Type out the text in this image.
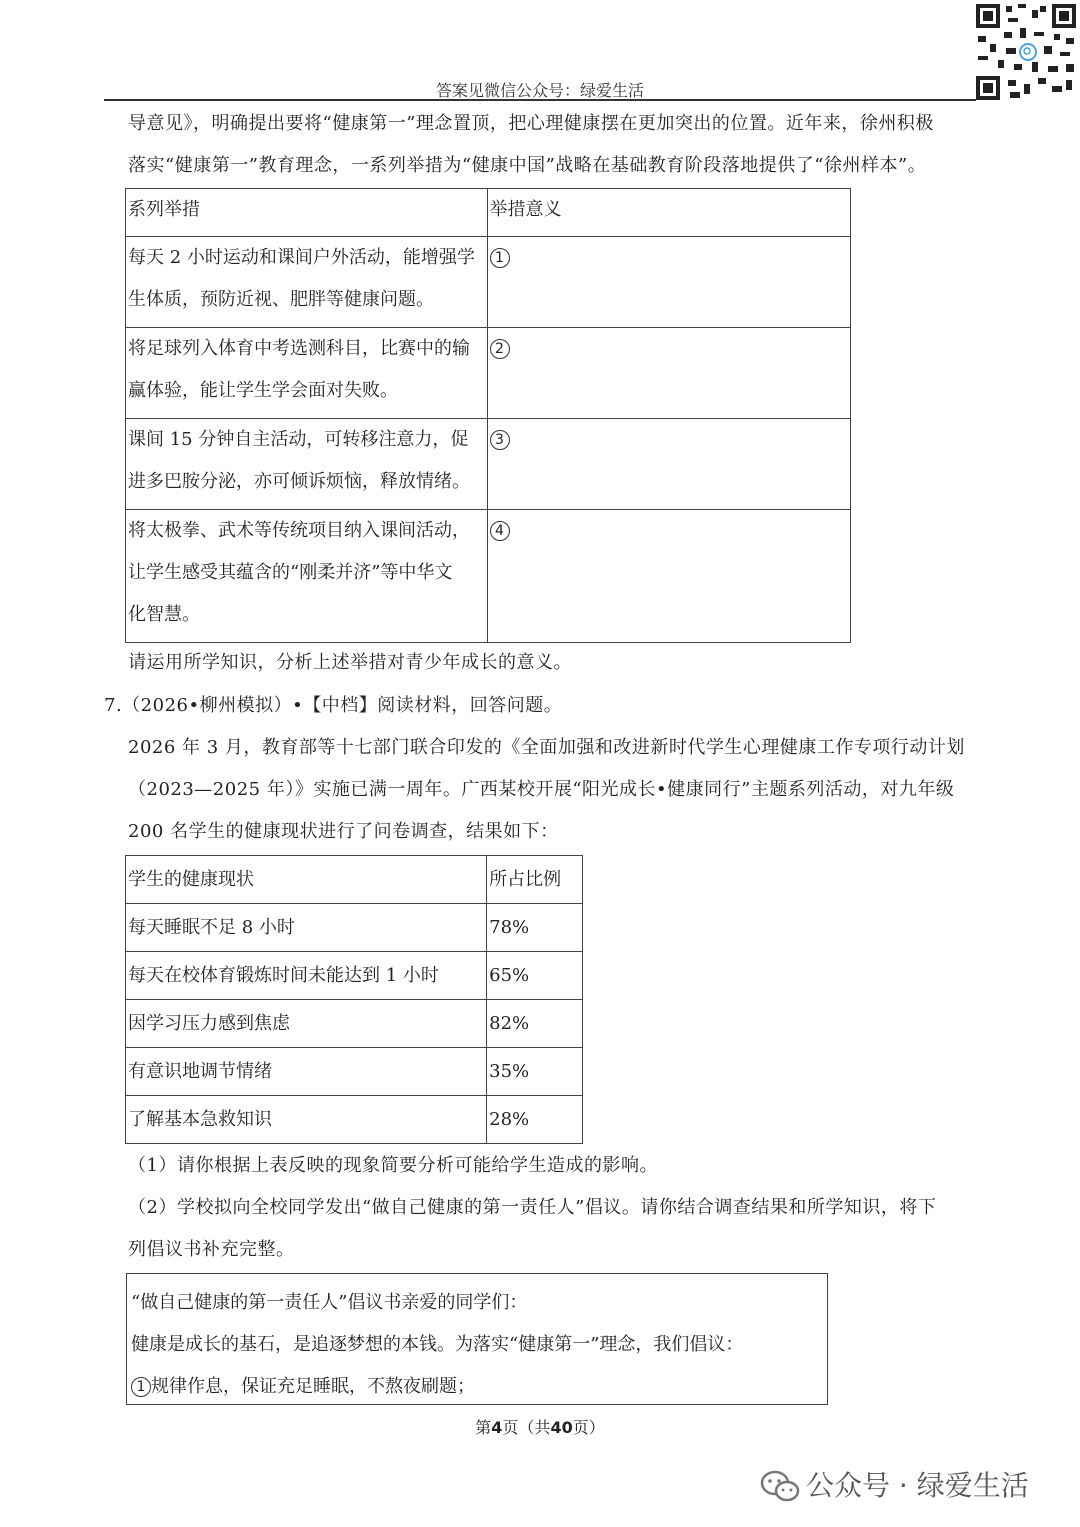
答案见微信公众号：绿爱生活
导意见》，明确提出要将“健康第一”理念置顶，把心理健康摆在更加突出的位置。近年来，徐州积极
落实“健康第一”教育理念，一系列举措为“健康中国”战略在基础教育阶段落地提供了“徐州样本”。
系列举措	举措意义

每天 2 小时运动和课间户外活动，能增强学
生体质，预防近视、肥胖等健康问题。	1

将足球列入体育中考选测科目，比赛中的输
赢体验，能让学生学会面对失败。	2

课间 15 分钟自主活动，可转移注意力，促
进多巴胺分泌，亦可倾诉烦恼，释放情绪。	3

将太极拳、武术等传统项目纳入课间活动，
让学生感受其蕴含的“刚柔并济”等中华文
化智慧。	4
请运用所学知识，分析上述举措对青少年成长的意义。
7.（2026•柳州模拟）•【中档】阅读材料，回答问题。
2026 年 3 月，教育部等十七部门联合印发的《全面加强和改进新时代学生心理健康工作专项行动计划
（2023—2025 年）》实施已满一周年。广西某校开展“阳光成长•健康同行”主题系列活动，对九年级
200 名学生的健康现状进行了问卷调查，结果如下：
学生的健康现状	所占比例
每天睡眠不足 8 小时	78%
每天在校体育锻炼时间未能达到 1 小时	65%
因学习压力感到焦虑	82%
有意识地调节情绪	35%
了解基本急救知识	28%
（1）请你根据上表反映的现象简要分析可能给学生造成的影响。
（2）学校拟向全校同学发出“做自己健康的第一责任人”倡议。请你结合调查结果和所学知识，将下
列倡议书补充完整。
“做自己健康的第一责任人”倡议书亲爱的同学们：
健康是成长的基石，是追逐梦想的本钱。为落实“健康第一”理念，我们倡议：
1 规律作息，保证充足睡眠，不熬夜刷题；
第4页（共40页）
公众号 · 绿爱生活
